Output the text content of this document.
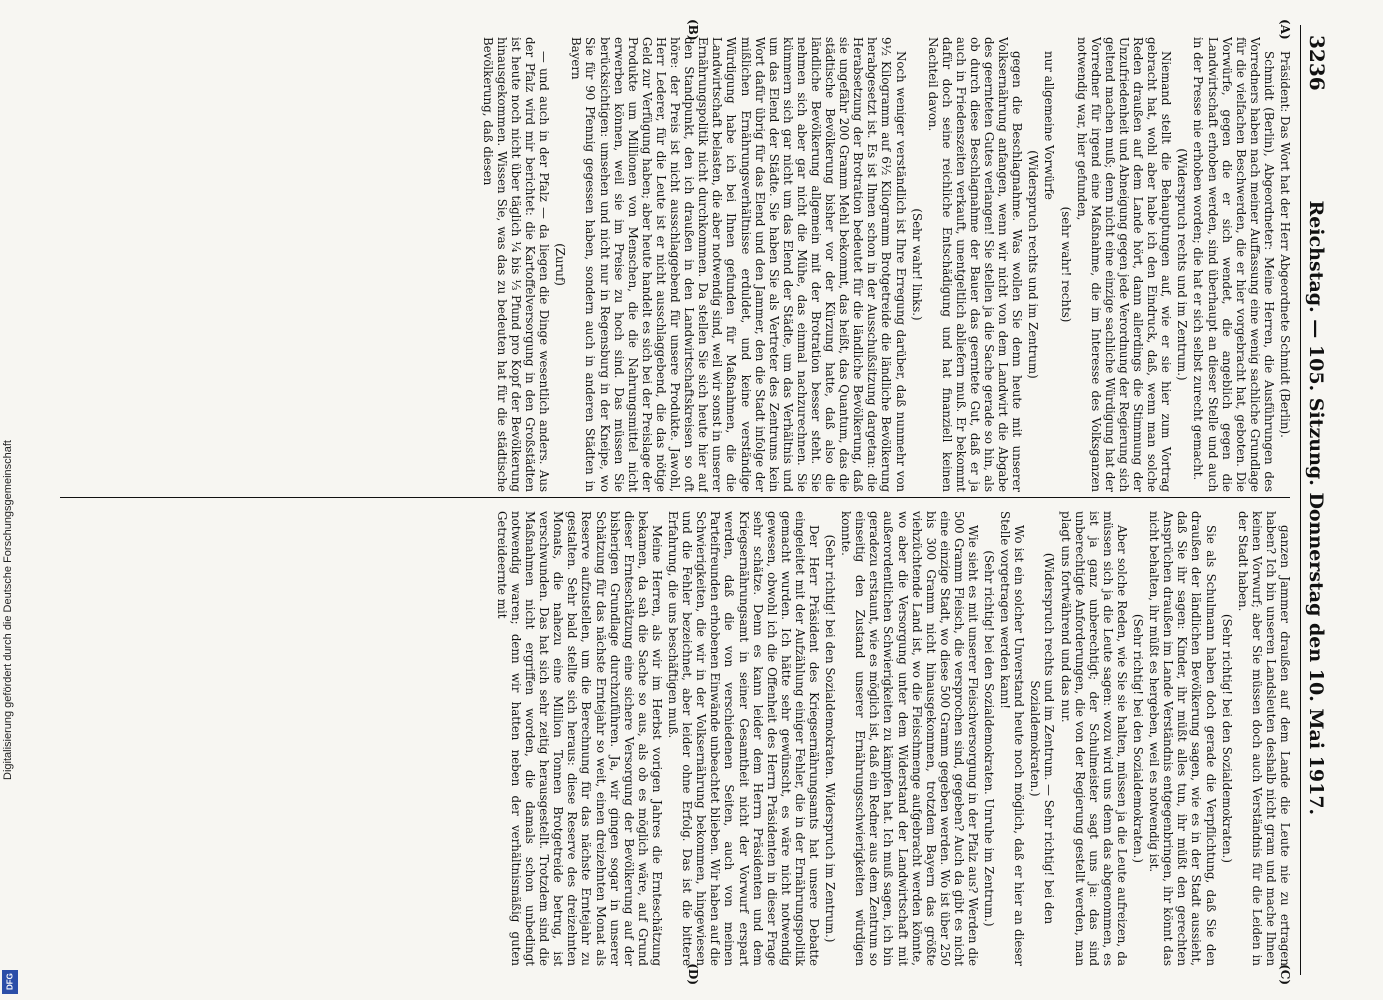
3236
Reichstag. — 105. Sitzung. Donnerstag den 10. Mai 1917.

Präsident: Das Wort hat der Herr Abgeordnete Schmidt (Berlin).

Schmidt (Berlin), Abgeordneter: Meine Herren, die Ausführungen des Vorredners haben nach meiner Auffassung eine wenig sachliche Grundlage für die vielfachen Beschwerden, die er hier vorgebracht hat, geboten. Die Vorwürfe, gegen die er sich wendet, die angeblich gegen die Landwirtschaft erhoben werden, sind überhaupt an dieser Stelle und auch in der Presse nie erhoben worden; die hat er sich selbst zurecht gemacht.

(Widerspruch rechts und im Zentrum.)

Niemand stellt die Behauptungen auf, wie er sie hier zum Vortrag gebracht hat, wohl aber habe ich den Eindruck, daß, wenn man solche Reden draußen auf dem Lande hört, dann allerdings die Stimmung der Unzufriedenheit und Abneigung gegen jede Verordnung der Regierung sich geltend machen muß; denn nicht eine einzige sachliche Würdigung hat der Vorredner für irgend eine Maßnahme, die im Interesse des Volksganzen notwendig war, hier gefunden,

(sehr wahr! rechts)

nur allgemeine Vorwürfe

(Widerspruch rechts und im Zentrum)

gegen die Beschlagnahme. Was wollen Sie denn heute mit unserer Volksernährung anfangen, wenn wir nicht von dem Landwirt die Abgabe des geernteten Gutes verlangen! Sie stellen ja die Sache gerade so hin, als ob durch diese Beschlagnahme der Bauer das geerntete Gut, daß er ja auch in Friedenszeiten verkauft, unentgeltlich abliefern muß. Er bekommt dafür doch seine reichliche Entschädigung und hat finanziell keinen Nachteil davon.

(Sehr wahr! links.)

Noch weniger verständlich ist Ihre Erregung darüber, daß nunmehr von 9½ Kilogramm auf 6½ Kilogramm Brotgetreide die ländliche Bevölkerung herabgesetzt ist. Es ist Ihnen schon in der Ausschußsitzung dargetan: die Herabsetzung der Brotration bedeutet für die ländliche Bevölkerung, daß sie ungefähr 200 Gramm Mehl bekommt, das heißt, das Quantum, das die städtische Bevölkerung bisher vor der Kürzung hatte, daß also die ländliche Bevölkerung allgemein mit der Brotration besser steht. Sie nehmen sich aber gar nicht die Mühe, das einmal nachzurechnen. Sie kümmern sich gar nicht um das Elend der Städte, um das Verhältnis und um das Elend der Städte. Sie haben Sie als Vertreter des Zentrums kein Wort dafür übrig für das Elend und den Jammer, den die Stadt infolge der mißlichen Ernährungsverhältnisse erduldet, und keine verständige Würdigung habe ich bei Ihnen gefunden für Maßnahmen, die die Landwirtschaft belasten, die aber notwendig sind, weil wir sonst in unserer Ernährungspolitik nicht durchkommen. Da stellen Sie sich heute hier auf den Standpunkt, den ich draußen in den Landwirtschaftskreisen so oft höre: der Preis ist nicht ausschlaggebend für unsere Produkte. Jawohl, Herr Lederer, für die Leute ist er nicht ausschlaggebend, die das nötige Geld zur Verfügung haben; aber heute handelt es sich bei der Preislage der Produkte um Millionen von Menschen, die die Nahrungsmittel nicht erwerben können, weil sie im Preise zu hoch sind. Das müssen Sie berücksichtigen: umsehen und nicht nur in Regensburg in der Kneipe, wo Sie für 90 Pfennig gegessen haben, sondern auch in anderen Städten in Bayern

(Zuruf)

— und auch in der Pfalz — da liegen die Dinge wesentlich anders. Aus der Pfalz wird mir berichtet: die Kartoffelversorgung in den Großstädten ist heute noch nicht über täglich ¼ bis ⅓ Pfund pro Kopf der Bevölkerung hinausgekommen. Wissen Sie, was das zu bedeuten hat für die städtische Bevölkerung, daß diesen

ganzen Jammer draußen auf dem Lande die Leute nie zu ertragen haben? Ich bin unseren Landsleuten deshalb nicht gram und mache Ihnen keinen Vorwurf; aber Sie müssen doch auch Verständnis für die Leiden in der Stadt haben.

(Sehr richtig! bei den Sozialdemokraten.)

Sie als Schulmann haben doch gerade die Verpflichtung, daß Sie den draußen der ländlichen Bevölkerung sagen, wie es in der Stadt aussieht, daß Sie ihr sagen: Kinder, ihr müßt alles tun, ihr müßt den gerechten Ansprüchen draußen im Lande Verständnis entgegenbringen, ihr könnt das nicht behalten, ihr müßt es hergeben, weil es notwendig ist.

(Sehr richtig! bei den Sozialdemokraten.)

Aber solche Reden, wie Sie sie halten, müssen ja die Leute aufreizen, da müssen sich ja die Leute sagen: wozu wird uns denn das abgenommen, es ist ja ganz unberechtigt; der Schulmeister sagt uns ja: das sind unberechtigte Anforderungen, die von der Regierung gestellt werden, man plagt uns fortwährend und das nur.

(Widerspruch rechts und im Zentrum. — Sehr richtig! bei den Sozialdemokraten.)

Wo ist ein solcher Unverstand heute noch möglich, daß er hier an dieser Stelle vorgetragen werden kann!

(Sehr richtig! bei den Sozialdemokraten. Unruhe im Zentrum.)

Wie sieht es mit unserer Fleischversorgung in der Pfalz aus? Werden die 500 Gramm Fleisch, die versprochen sind, gegeben? Auch da gibt es nicht eine einzige Stadt, wo diese 500 Gramm gegeben werden. Wo ist über 250 bis 300 Gramm nicht hinausgekommen, trotzdem Bayern das größte viehzüchtende Land ist, wo die Fleischmenge aufgebracht werden könnte, wo aber die Versorgung unter dem Widerstand der Landwirtschaft mit außerordentlichen Schwierigkeiten zu kämpfen hat. Ich muß sagen, ich bin geradezu erstaunt, wie es möglich ist, daß ein Redner aus dem Zentrum so einseitig den Zustand unserer Ernährungsschwierigkeiten würdigen konnte.

(Sehr richtig! bei den Sozialdemokraten. Widerspruch im Zentrum.)

Der Herr Präsident des Kriegsernährungsamts hat unsere Debatte eingeleitet mit der Aufzählung einiger Fehler, die in der Ernährungspolitik gemacht wurden. Ich hätte sehr gewünscht, es wäre nicht notwendig gewesen, obwohl ich die Offenheit des Herrn Präsidenten in dieser Frage sehr schätze. Denn es kann leider dem Herrn Präsidenten und dem Kriegsernährungsamt in seiner Gesamtheit nicht der Vorwurf erspart werden, daß die von verschiedenen Seiten, auch von meinen Parteifreunden erhobenen Einwände unbeachtet blieben. Wir haben auf die Schwierigkeiten, die wir in der Volksernährung bekommen, hingewiesen und die Fehler bezeichnet, aber leider ohne Erfolg. Das ist die bittere Erfahrung, die uns beschäftigen muß.

Meine Herren, als wir im Herbst vorigen Jahres die Ernteschätzung bekamen, da sah die Sache so aus, als ob es möglich wäre, auf Grund dieser Ernteschätzung eine sichere Versorgung der Bevölkerung auf der bisherigen Grundlage durchzuführen. Ja, wir gingen sogar in unserer Schätzung für das nächste Erntejahr so weit, einen dreizehnten Monat als Reserve aufzustellen, um die Berechnung für das nächste Erntejahr zu gestalten. Sehr bald stellte sich heraus: diese Reserve des dreizehnten Monats, die nahezu eine Million Tonnen Brotgetreide betrug, ist verschwunden. Das hat sich sehr zeitig herausgestellt. Trotzdem sind die Maßnahmen nicht ergriffen worden, die damals schon unbedingt notwendig waren; denn wir hatten neben der verhältnismäßig guten Getreideernte mit

(A)
(B)
(C)
(D)
Digitalisierung gefördert durch die Deutsche Forschungsgemeinschaft
DFG
